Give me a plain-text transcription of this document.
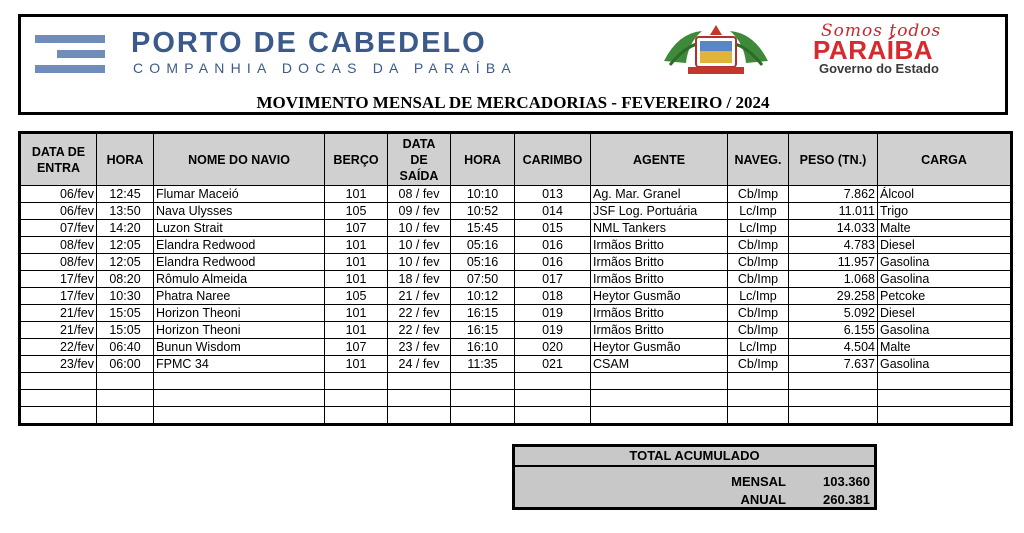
PORTO DE CABEDELO
COMPANHIA DOCAS DA PARAÍBA
Somos todos
PARAÍBA
Governo do Estado
MOVIMENTO MENSAL DE MERCADORIAS - FEVEREIRO / 2024
DATA DE ENTRA	HORA	NOME DO NAVIO	BERÇO	DATA DE SAÍDA	HORA	CARIMBO	AGENTE	NAVEG.	PESO (TN.)	CARGA
06/fev	12:45	Flumar Maceió	101	08 / fev	10:10	013	Ag. Mar. Granel	Cb/Imp	7.862	Álcool
06/fev	13:50	Nava Ulysses	105	09 / fev	10:52	014	JSF Log. Portuária	Lc/Imp	11.011	Trigo
07/fev	14:20	Luzon Strait	107	10 / fev	15:45	015	NML Tankers	Lc/Imp	14.033	Malte
08/fev	12:05	Elandra Redwood	101	10 / fev	05:16	016	Irmãos Britto	Cb/Imp	4.783	Diesel
08/fev	12:05	Elandra Redwood	101	10 / fev	05:16	016	Irmãos Britto	Cb/Imp	11.957	Gasolina
17/fev	08:20	Rômulo Almeida	101	18 / fev	07:50	017	Irmãos Britto	Cb/Imp	1.068	Gasolina
17/fev	10:30	Phatra Naree	105	21 / fev	10:12	018	Heytor Gusmão	Lc/Imp	29.258	Petcoke
21/fev	15:05	Horizon Theoni	101	22 / fev	16:15	019	Irmãos Britto	Cb/Imp	5.092	Diesel
21/fev	15:05	Horizon Theoni	101	22 / fev	16:15	019	Irmãos Britto	Cb/Imp	6.155	Gasolina
22/fev	06:40	Bunun Wisdom	107	23 / fev	16:10	020	Heytor Gusmão	Lc/Imp	4.504	Malte
23/fev	06:00	FPMC 34	101	24 / fev	11:35	021	CSAM	Cb/Imp	7.637	Gasolina

TOTAL ACUMULADO
MENSAL	103.360
ANUAL	260.381
